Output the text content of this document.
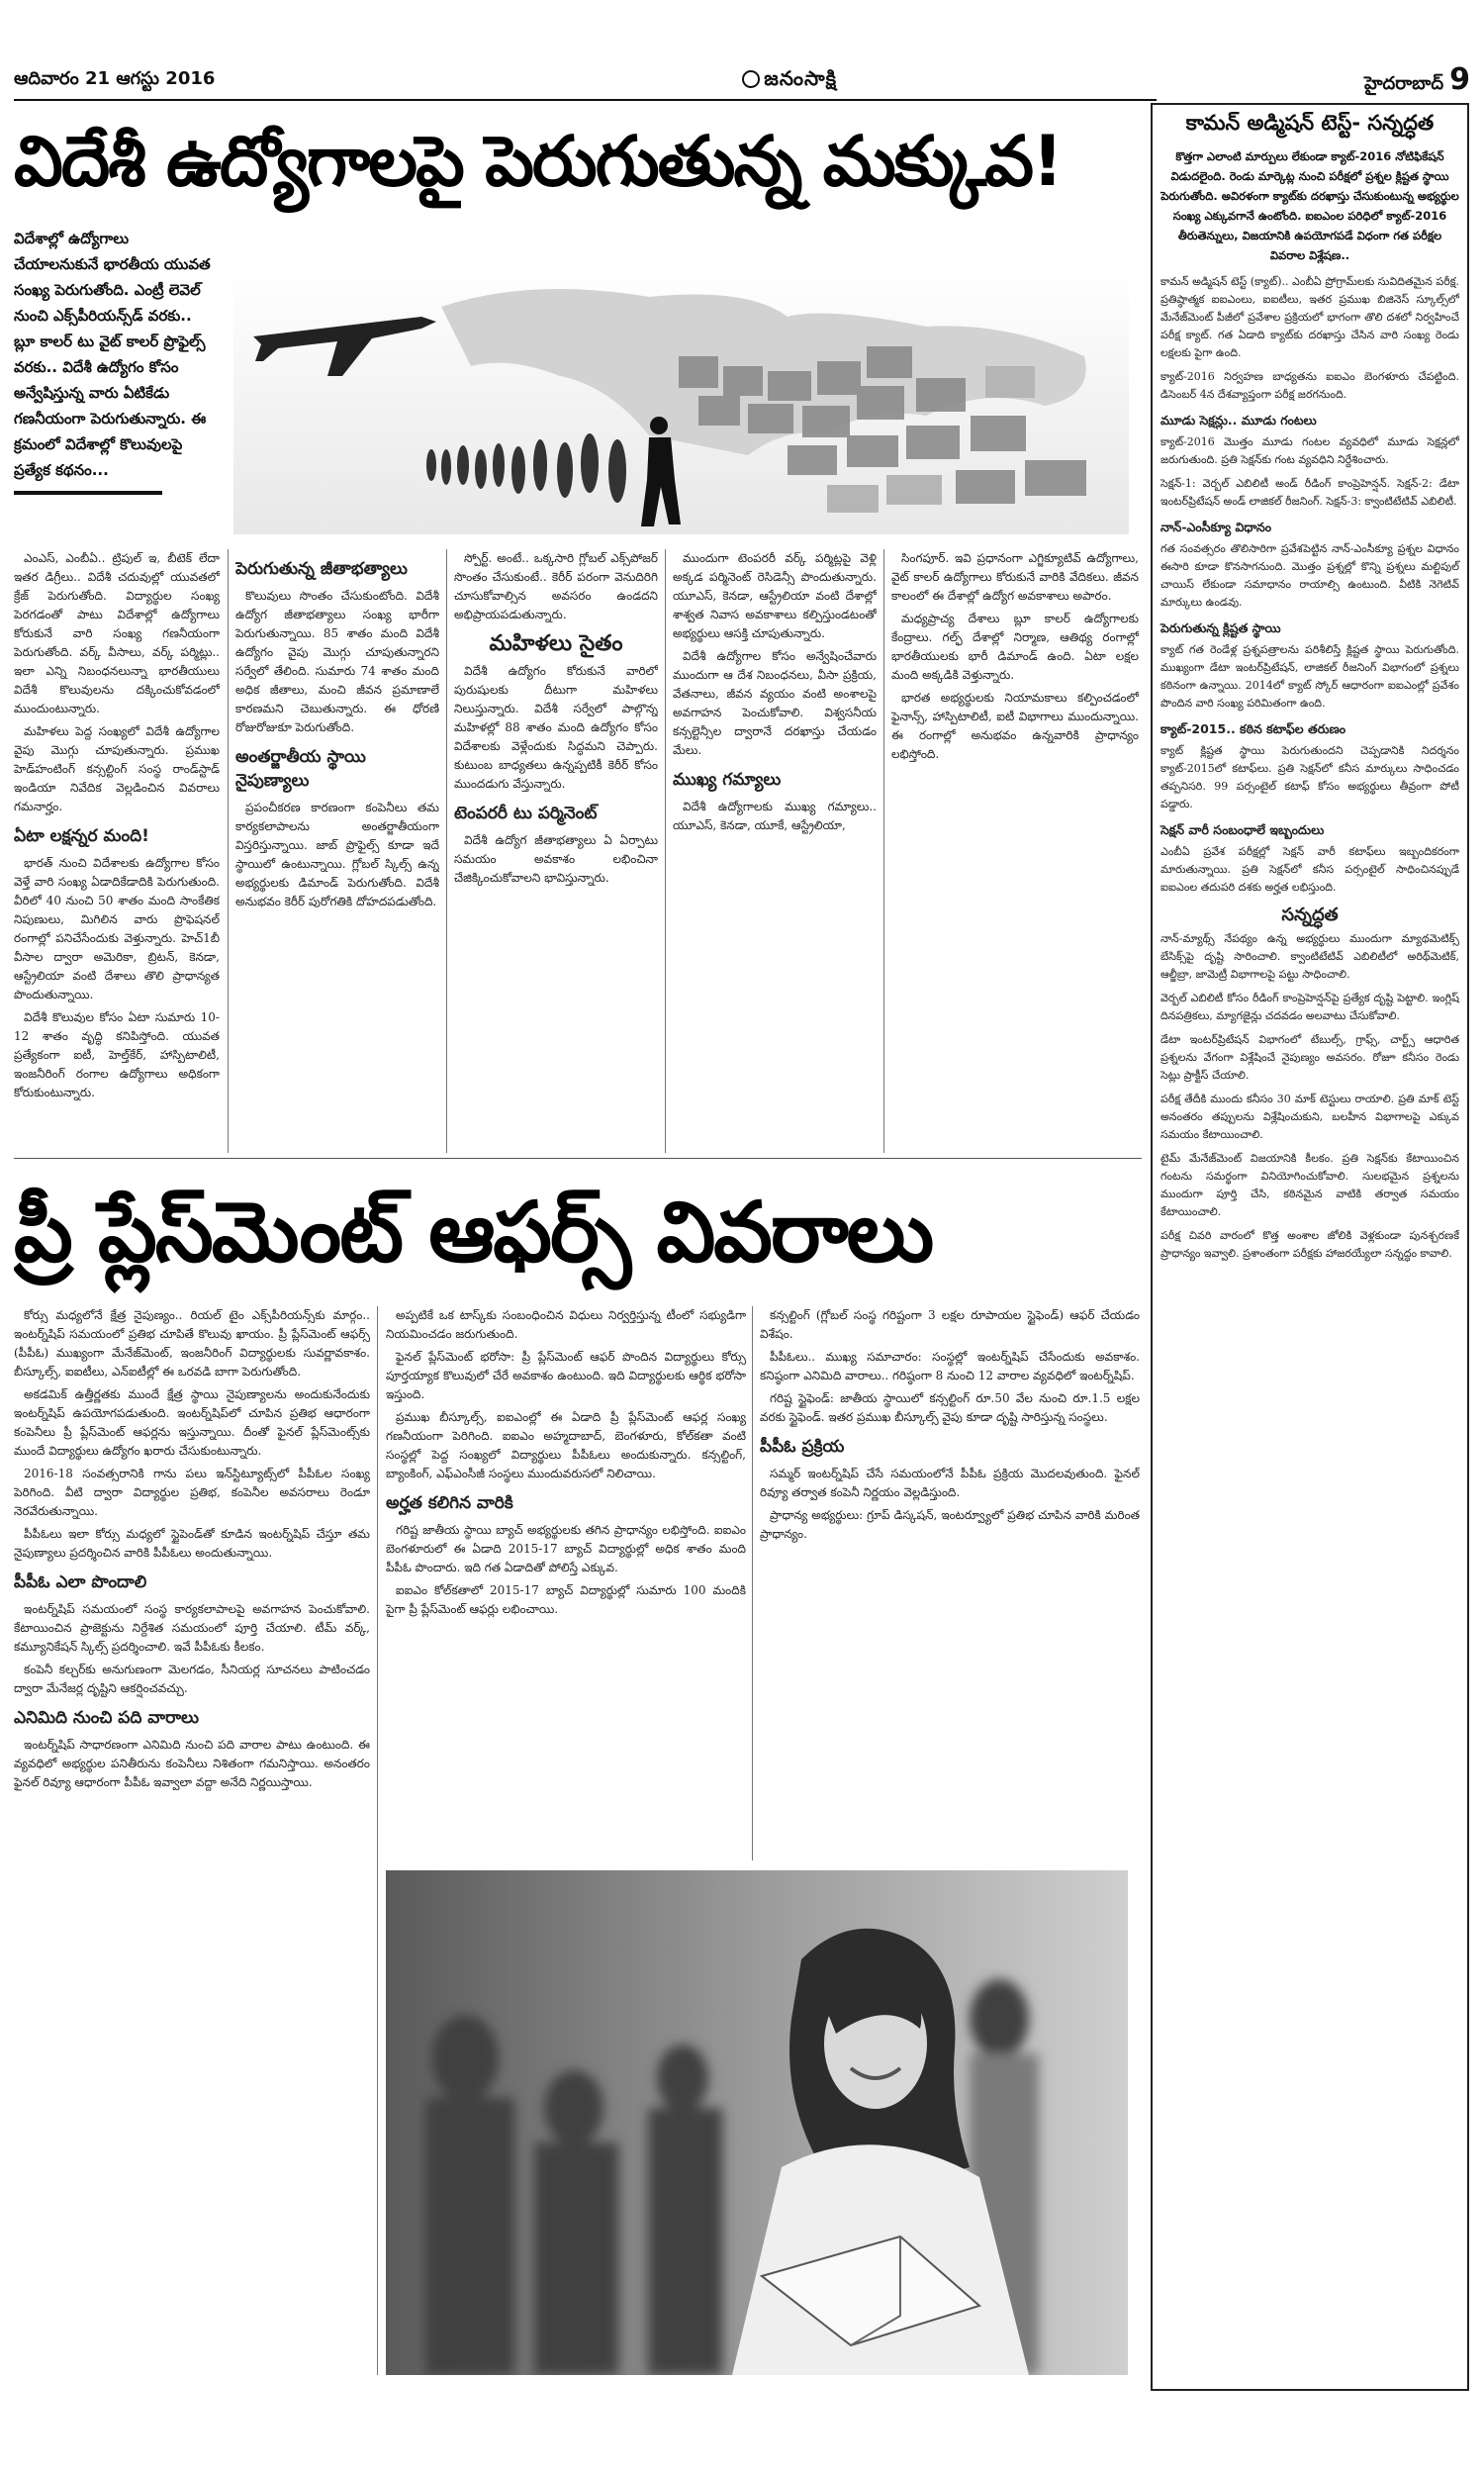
ఆదివారం 21 ఆగస్టు 2016	జనంసాక్షి	హైదరాబాద్ 9
విదేశీ ఉద్యోగాలపై పెరుగుతున్న మక్కువ!
విదేశాల్లో ఉద్యోగాలు చేయాలనుకునే భారతీయ యువత సంఖ్య పెరుగుతోంది. ఎంట్రీ లెవెల్ నుంచి ఎక్స్‌పీరియన్స్‌డ్ వరకు.. బ్లూ కాలర్ టు వైట్ కాలర్ ప్రొఫైల్స్ వరకు.. విదేశీ ఉద్యోగం కోసం అన్వేషిస్తున్న వారు ఏటికేడు గణనీయంగా పెరుగుతున్నారు. ఈ క్రమంలో విదేశాల్లో కొలువులపై ప్రత్యేక కథనం...

ఎంఎస్, ఎంబీఏ.. ట్రిపుల్ ఇ, బీటెక్ లేదా ఇతర డిగ్రీలు.. విదేశీ చదువుల్లో యువతలో క్రేజ్ పెరుగుతోంది. విద్యార్థుల సంఖ్య పెరగడంతో పాటు విదేశాల్లో ఉద్యోగాలు కోరుకునే వారి సంఖ్య గణనీయంగా పెరుగుతోంది. వర్క్ వీసాలు, వర్క్ పర్మిట్లు.. ఇలా ఎన్ని నిబంధనలున్నా భారతీయులు విదేశీ కొలువులను దక్కించుకోవడంలో ముందుంటున్నారు.

మహిళలు పెద్ద సంఖ్యలో విదేశీ ఉద్యోగాల వైపు మొగ్గు చూపుతున్నారు. ప్రముఖ హెడ్‌హంటింగ్ కన్సల్టింగ్ సంస్థ రాండ్‌స్టాడ్ ఇండియా నివేదిక వెల్లడించిన వివరాలు గమనార్హం.

ఏటా లక్షన్నర మంది!

భారత్ నుంచి విదేశాలకు ఉద్యోగాల కోసం వెళ్తే వారి సంఖ్య ఏడాదికేడాదికి పెరుగుతుంది. వీరిలో 40 నుంచి 50 శాతం మంది సాంకేతిక నిపుణులు, మిగిలిన వారు ప్రొఫెషనల్ రంగాల్లో పనిచేసేందుకు వెళ్తున్నారు. హెచ్1బీ వీసాల ద్వారా అమెరికా, బ్రిటన్, కెనడా, ఆస్ట్రేలియా వంటి దేశాలు తొలి ప్రాధాన్యత పొందుతున్నాయి.

విదేశీ కొలువుల కోసం ఏటా సుమారు 10-12 శాతం వృద్ధి కనిపిస్తోంది. యువత ప్రత్యేకంగా ఐటీ, హెల్త్‌కేర్, హాస్పిటాలిటీ, ఇంజనీరింగ్ రంగాల ఉద్యోగాలు అధికంగా కోరుకుంటున్నారు.

పెరుగుతున్న జీతాభత్యాలు

కొలువులు సొంతం చేసుకుంటోంది. విదేశీ ఉద్యోగ జీతాభత్యాలు సంఖ్య భారీగా పెరుగుతున్నాయి. 85 శాతం మంది విదేశీ ఉద్యోగం వైపు మొగ్గు చూపుతున్నారని సర్వేలో తేలింది. సుమారు 74 శాతం మంది అధిక జీతాలు, మంచి జీవన ప్రమాణాలే కారణమని చెబుతున్నారు. ఈ ధోరణి రోజురోజుకూ పెరుగుతోంది.

అంతర్జాతీయ స్థాయి నైపుణ్యాలు

ప్రపంచీకరణ కారణంగా కంపెనీలు తమ కార్యకలాపాలను అంతర్జాతీయంగా విస్తరిస్తున్నాయి. జాబ్ ప్రొఫైల్స్ కూడా ఇదే స్థాయిలో ఉంటున్నాయి. గ్లోబల్ స్కిల్స్ ఉన్న అభ్యర్థులకు డిమాండ్ పెరుగుతోంది. విదేశీ అనుభవం కెరీర్ పురోగతికి దోహదపడుతోంది.

స్పోర్ట్. అంటే.. ఒక్కసారి గ్లోబల్ ఎక్స్‌పోజర్ సొంతం చేసుకుంటే.. కెరీర్ పరంగా వెనుదిరిగి చూసుకోవాల్సిన అవసరం ఉండదని అభిప్రాయపడుతున్నారు.

మహిళలు సైతం

విదేశీ ఉద్యోగం కోరుకునే వారిలో పురుషులకు దీటుగా మహిళలు నిలుస్తున్నారు. విదేశీ సర్వేలో పాల్గొన్న మహిళల్లో 88 శాతం మంది ఉద్యోగం కోసం విదేశాలకు వెళ్లేందుకు సిద్ధమని చెప్పారు. కుటుంబ బాధ్యతలు ఉన్నప్పటికీ కెరీర్ కోసం ముందడుగు వేస్తున్నారు.

టెంపరరీ టు పర్మినెంట్

విదేశీ ఉద్యోగ జీతాభత్యాలు ఏ ఏర్పాటు సమయం అవకాశం లభించినా చేజిక్కించుకోవాలని భావిస్తున్నారు.

ముందుగా టెంపరరీ వర్క్ పర్మిట్లపై వెళ్లి అక్కడ పర్మినెంట్ రెసిడెన్సీ పొందుతున్నారు. యూఎస్, కెనడా, ఆస్ట్రేలియా వంటి దేశాల్లో శాశ్వత నివాస అవకాశాలు కల్పిస్తుండటంతో అభ్యర్థులు ఆసక్తి చూపుతున్నారు.

విదేశీ ఉద్యోగాల కోసం అన్వేషించేవారు ముందుగా ఆ దేశ నిబంధనలు, వీసా ప్రక్రియ, వేతనాలు, జీవన వ్యయం వంటి అంశాలపై అవగాహన పెంచుకోవాలి. విశ్వసనీయ కన్సల్టెన్సీల ద్వారానే దరఖాస్తు చేయడం మేలు.

ముఖ్య గమ్యాలు

విదేశీ ఉద్యోగాలకు ముఖ్య గమ్యాలు.. యూఎస్, కెనడా, యూకే, ఆస్ట్రేలియా,

సింగపూర్. ఇవి ప్రధానంగా ఎగ్జిక్యూటివ్ ఉద్యోగాలు, వైట్ కాలర్ ఉద్యోగాలు కోరుకునే వారికి వేదికలు. జీవన కాలంలో ఈ దేశాల్లో ఉద్యోగ అవకాశాలు అపారం.

మధ్యప్రాచ్య దేశాలు బ్లూ కాలర్ ఉద్యోగాలకు కేంద్రాలు. గల్ఫ్ దేశాల్లో నిర్మాణ, ఆతిథ్య రంగాల్లో భారతీయులకు భారీ డిమాండ్ ఉంది. ఏటా లక్షల మంది అక్కడికి వెళ్తున్నారు.

భారత అభ్యర్థులకు నియామకాలు కల్పించడంలో ఫైనాన్స్, హాస్పిటాలిటీ, ఐటీ విభాగాలు ముందున్నాయి. ఈ రంగాల్లో అనుభవం ఉన్నవారికి ప్రాధాన్యం లభిస్తోంది.

ప్రీ ప్లేస్‌మెంట్ ఆఫర్స్ వివరాలు

కోర్సు మధ్యలోనే క్షేత్ర నైపుణ్యం.. రియల్ టైం ఎక్స్‌పీరియన్స్‌కు మార్గం.. ఇంటర్న్‌షిప్ సమయంలో ప్రతిభ చూపితే కొలువు ఖాయం. ప్రీ ప్లేస్‌మెంట్ ఆఫర్స్ (పీపీఓ) ముఖ్యంగా మేనేజ్‌మెంట్, ఇంజనీరింగ్ విద్యార్థులకు సువర్ణావకాశం. బీస్కూల్స్, ఐఐటీలు, ఎన్‌ఐటీల్లో ఈ ఒరవడి బాగా పెరుగుతోంది.

అకడమిక్ ఉత్తీర్ణతకు ముందే క్షేత్ర స్థాయి నైపుణ్యాలను అందుకునేందుకు ఇంటర్న్‌షిప్ ఉపయోగపడుతుంది. ఇంటర్న్‌షిప్‌లో చూపిన ప్రతిభ ఆధారంగా కంపెనీలు ప్రీ ప్లేస్‌మెంట్ ఆఫర్లను ఇస్తున్నాయి. దీంతో ఫైనల్ ప్లేస్‌మెంట్స్‌కు ముందే విద్యార్థులు ఉద్యోగం ఖరారు చేసుకుంటున్నారు.

2016-18 సంవత్సరానికి గాను పలు ఇన్‌స్టిట్యూట్స్‌లో పీపీఓల సంఖ్య పెరిగింది. వీటి ద్వారా విద్యార్థుల ప్రతిభ, కంపెనీల అవసరాలు రెండూ నెరవేరుతున్నాయి.

పీపీఓలు ఇలా కోర్సు మధ్యలో స్టైపెండ్‌తో కూడిన ఇంటర్న్‌షిప్ చేస్తూ తమ నైపుణ్యాలు ప్రదర్శించిన వారికి పీపీఓలు అందుతున్నాయి.

పీపీఓ ఎలా పొందాలి

ఇంటర్న్‌షిప్ సమయంలో సంస్థ కార్యకలాపాలపై అవగాహన పెంచుకోవాలి. కేటాయించిన ప్రాజెక్టును నిర్దేశిత సమయంలో పూర్తి చేయాలి. టీమ్ వర్క్, కమ్యూనికేషన్ స్కిల్స్ ప్రదర్శించాలి. ఇవే పీపీఓకు కీలకం.

కంపెనీ కల్చర్‌కు అనుగుణంగా మెలగడం, సీనియర్ల సూచనలు పాటించడం ద్వారా మేనేజర్ల దృష్టిని ఆకర్షించవచ్చు.

ఎనిమిది నుంచి పది వారాలు

ఇంటర్న్‌షిప్ సాధారణంగా ఎనిమిది నుంచి పది వారాల పాటు ఉంటుంది. ఈ వ్యవధిలో అభ్యర్థుల పనితీరును కంపెనీలు నిశితంగా గమనిస్తాయి. అనంతరం ఫైనల్ రివ్యూ ఆధారంగా పీపీఓ ఇవ్వాలా వద్దా అనేది నిర్ణయిస్తాయి.

అప్పటికే ఒక టాస్క్‌కు సంబంధించిన విధులు నిర్వర్తిస్తున్న టీంలో సభ్యుడిగా నియమించడం జరుగుతుంది.

ఫైనల్ ప్లేస్‌మెంట్ భరోసా: ప్రీ ప్లేస్‌మెంట్ ఆఫర్ పొందిన విద్యార్థులు కోర్సు పూర్తయ్యాక కొలువులో చేరే అవకాశం ఉంటుంది. ఇది విద్యార్థులకు ఆర్థిక భరోసా ఇస్తుంది.

ప్రముఖ బీస్కూల్స్, ఐఐఎంల్లో ఈ ఏడాది ప్రీ ప్లేస్‌మెంట్ ఆఫర్ల సంఖ్య గణనీయంగా పెరిగింది. ఐఐఎం అహ్మదాబాద్, బెంగళూరు, కోల్‌కతా వంటి సంస్థల్లో పెద్ద సంఖ్యలో విద్యార్థులు పీపీఓలు అందుకున్నారు. కన్సల్టింగ్, బ్యాంకింగ్, ఎఫ్‌ఎంసీజీ సంస్థలు ముందువరుసలో నిలిచాయి.

అర్హత కలిగిన వారికి

గరిష్ట జాతీయ స్థాయి బ్యాచ్ అభ్యర్థులకు తగిన ప్రాధాన్యం లభిస్తోంది. ఐఐఎం బెంగళూరులో ఈ ఏడాది 2015-17 బ్యాచ్ విద్యార్థుల్లో అధిక శాతం మంది పీపీఓ పొందారు. ఇది గత ఏడాదితో పోలిస్తే ఎక్కువ.

ఐఐఎం కోల్‌కతాలో 2015-17 బ్యాచ్ విద్యార్థుల్లో సుమారు 100 మందికి పైగా ప్రీ ప్లేస్‌మెంట్ ఆఫర్లు లభించాయి.

కన్సల్టింగ్ (గ్లోబల్ సంస్థ గరిష్టంగా 3 లక్షల రూపాయల స్టైఫెండ్) ఆఫర్ చేయడం విశేషం.

పీపీఓలు.. ముఖ్య సమాచారం: సంస్థల్లో ఇంటర్న్‌షిప్ చేసేందుకు అవకాశం. కనిష్ఠంగా ఎనిమిది వారాలు.. గరిష్ఠంగా 8 నుంచి 12 వారాల వ్యవధిలో ఇంటర్న్‌షిప్.

గరిష్ట స్టైఫెండ్: జాతీయ స్థాయిలో కన్సల్టింగ్ రూ.50 వేల నుంచి రూ.1.5 లక్షల వరకు స్టైఫెండ్. ఇతర ప్రముఖ బీస్కూల్స్ వైపు కూడా దృష్టి సారిస్తున్న సంస్థలు.

పీపీఓ ప్రక్రియ

సమ్మర్ ఇంటర్న్‌షిప్ చేసే సమయంలోనే పీపీఓ ప్రక్రియ మొదలవుతుంది. ఫైనల్ రివ్యూ తర్వాత కంపెనీ నిర్ణయం వెల్లడిస్తుంది.

ప్రాధాన్య అభ్యర్థులు: గ్రూప్ డిస్కషన్, ఇంటర్వ్యూలో ప్రతిభ చూపిన వారికి మరింత ప్రాధాన్యం.

కామన్ అడ్మిషన్ టెస్ట్- సన్నద్ధత
కొత్తగా ఎలాంటి మార్పులు లేకుండా క్యాట్-2016 నోటిఫికేషన్ విడుదలైంది. రెండు మార్కెట్ల నుంచి పరీక్షలో ప్రశ్నల క్లిష్టత స్థాయి పెరుగుతోంది. అవిరళంగా క్యాట్‌కు దరఖాస్తు చేసుకుంటున్న అభ్యర్థుల సంఖ్య ఎక్కువగానే ఉంటోంది. ఐఐఎంల పరిధిలో క్యాట్-2016 తీరుతెన్నులు, విజయానికి ఉపయోగపడే విధంగా గత పరీక్షల వివరాల విశ్లేషణ..

కామన్ అడ్మిషన్ టెస్ట్ (క్యాట్).. ఎంబీఏ ప్రోగ్రామ్‌లకు సువిదితమైన పరీక్ష. ప్రతిష్ఠాత్మక ఐఐఎంలు, ఐఐటీలు, ఇతర ప్రముఖ బిజినెస్ స్కూల్స్‌లో మేనేజ్‌మెంట్ పీజీలో ప్రవేశాల ప్రక్రియలో భాగంగా తొలి దశలో నిర్వహించే పరీక్ష క్యాట్. గత ఏడాది క్యాట్‌కు దరఖాస్తు చేసిన వారి సంఖ్య రెండు లక్షలకు పైగా ఉంది.

క్యాట్-2016 నిర్వహణ బాధ్యతను ఐఐఎం బెంగళూరు చేపట్టింది. డిసెంబర్ 4న దేశవ్యాప్తంగా పరీక్ష జరగనుంది.

మూడు సెక్షన్లు.. మూడు గంటలు

క్యాట్-2016 మొత్తం మూడు గంటల వ్యవధిలో మూడు సెక్షన్లలో జరుగుతుంది. ప్రతి సెక్షన్‌కు గంట వ్యవధిని నిర్దేశించారు.

సెక్షన్-1: వెర్బల్ ఎబిలిటీ అండ్ రీడింగ్ కాంప్రెహెన్షన్. సెక్షన్-2: డేటా ఇంటర్‌ప్రిటేషన్ అండ్ లాజికల్ రీజనింగ్. సెక్షన్-3: క్వాంటిటేటివ్ ఎబిలిటీ.

నాన్-ఎంసీక్యూ విధానం

గత సంవత్సరం తొలిసారిగా ప్రవేశపెట్టిన నాన్-ఎంసీక్యూ ప్రశ్నల విధానం ఈసారి కూడా కొనసాగనుంది. మొత్తం ప్రశ్నల్లో కొన్ని ప్రశ్నలు మల్టిపుల్ చాయిస్ లేకుండా సమాధానం రాయాల్సి ఉంటుంది. వీటికి నెగెటివ్ మార్కులు ఉండవు.

పెరుగుతున్న క్లిష్టత స్థాయి

క్యాట్ గత రెండేళ్ల ప్రశ్నపత్రాలను పరిశీలిస్తే క్లిష్టత స్థాయి పెరుగుతోంది. ముఖ్యంగా డేటా ఇంటర్‌ప్రిటేషన్, లాజికల్ రీజనింగ్ విభాగంలో ప్రశ్నలు కఠినంగా ఉన్నాయి. 2014లో క్యాట్ స్కోర్ ఆధారంగా ఐఐఎంల్లో ప్రవేశం పొందిన వారి సంఖ్య పరిమితంగా ఉంది.

క్యాట్-2015.. కఠిన కటాఫ్‌ల తరుణం

క్యాట్ క్లిష్టత స్థాయి పెరుగుతుందని చెప్పడానికి నిదర్శనం క్యాట్-2015లో కటాఫ్‌లు. ప్రతి సెక్షన్‌లో కనీస మార్కులు సాధించడం తప్పనిసరి. 99 పర్సంటైల్ కటాఫ్ కోసం అభ్యర్థులు తీవ్రంగా పోటీ పడ్డారు.

సెక్షన్ వారీ సంబంధాలే ఇబ్బందులు

ఎంబీఏ ప్రవేశ పరీక్షల్లో సెక్షన్ వారీ కటాఫ్‌లు ఇబ్బందికరంగా మారుతున్నాయి. ప్రతి సెక్షన్‌లో కనీస పర్సంటైల్ సాధించినప్పుడే ఐఐఎంల తదుపరి దశకు అర్హత లభిస్తుంది.

సన్నద్ధత

నాన్-మ్యాథ్స్ నేపథ్యం ఉన్న అభ్యర్థులు ముందుగా మ్యాథమెటిక్స్ బేసిక్స్‌పై దృష్టి సారించాలి. క్వాంటిటేటివ్ ఎబిలిటీలో అరిథ్‌మెటిక్, ఆల్జీబ్రా, జామెట్రీ విభాగాలపై పట్టు సాధించాలి.

వెర్బల్ ఎబిలిటీ కోసం రీడింగ్ కాంప్రెహెన్షన్‌పై ప్రత్యేక దృష్టి పెట్టాలి. ఇంగ్లిష్ దినపత్రికలు, మ్యాగజైన్లు చదవడం అలవాటు చేసుకోవాలి.

డేటా ఇంటర్‌ప్రిటేషన్ విభాగంలో టేబుల్స్, గ్రాఫ్స్, చార్ట్స్ ఆధారిత ప్రశ్నలను వేగంగా విశ్లేషించే నైపుణ్యం అవసరం. రోజూ కనీసం రెండు సెట్లు ప్రాక్టీస్ చేయాలి.

పరీక్ష తేదీకి ముందు కనీసం 30 మాక్ టెస్టులు రాయాలి. ప్రతి మాక్ టెస్ట్ అనంతరం తప్పులను విశ్లేషించుకుని, బలహీన విభాగాలపై ఎక్కువ సమయం కేటాయించాలి.

టైమ్ మేనేజ్‌మెంట్ విజయానికి కీలకం. ప్రతి సెక్షన్‌కు కేటాయించిన గంటను సమర్థంగా వినియోగించుకోవాలి. సులభమైన ప్రశ్నలను ముందుగా పూర్తి చేసి, కఠినమైన వాటికి తర్వాత సమయం కేటాయించాలి.

పరీక్ష చివరి వారంలో కొత్త అంశాల జోలికి వెళ్లకుండా పునశ్చరణకే ప్రాధాన్యం ఇవ్వాలి. ప్రశాంతంగా పరీక్షకు హాజరయ్యేలా సన్నద్ధం కావాలి.
